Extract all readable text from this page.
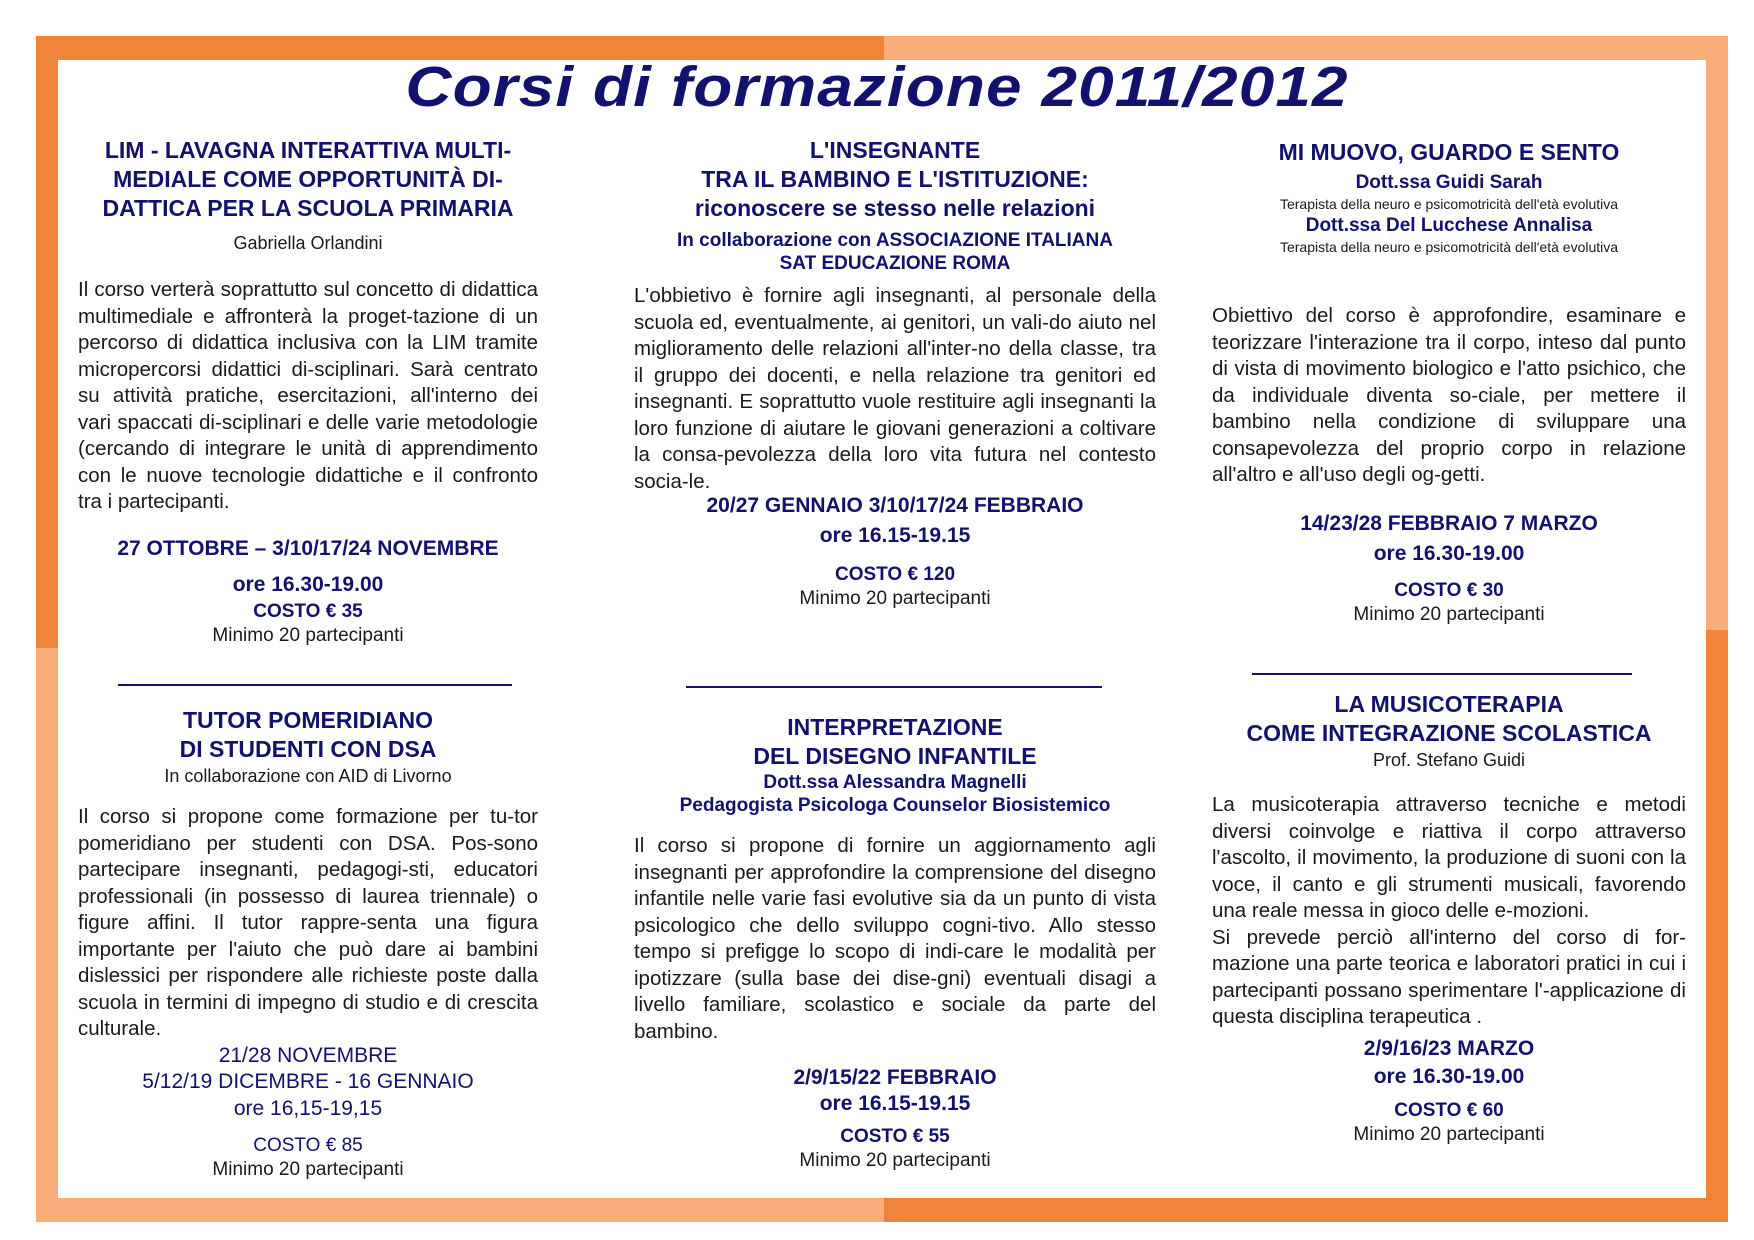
Corsi di formazione 2011/2012
LIM - LAVAGNA INTERATTIVA MULTI-
MEDIALE COME OPPORTUNITÀ DI-
DATTICA PER LA SCUOLA PRIMARIA
Gabriella Orlandini
Il corso verterà soprattutto sul concetto di didattica multimediale e affronterà la proget-tazione di un percorso di didattica inclusiva con la LIM tramite micropercorsi didattici di-sciplinari. Sarà centrato su attività pratiche, esercitazioni, all'interno dei vari spaccati di-sciplinari e delle varie metodologie (cercando di integrare le unità di apprendimento con le nuove tecnologie didattiche e il confronto tra i partecipanti.
27 OTTOBRE – 3/10/17/24 NOVEMBRE
ore 16.30-19.00
COSTO € 35
Minimo 20 partecipanti
TUTOR POMERIDIANO
DI STUDENTI CON DSA
In collaborazione con AID di Livorno
Il corso si propone come formazione per tu-tor pomeridiano per studenti con DSA. Pos-sono partecipare insegnanti, pedagogi-sti, educatori professionali (in possesso di laurea triennale) o figure affini. Il tutor rappre-senta una figura importante per l'aiuto che può dare ai bambini dislessici per rispondere alle richieste poste dalla scuola in termini di impegno di studio e di crescita culturale.
21/28 NOVEMBRE
5/12/19 DICEMBRE - 16 GENNAIO
ore 16,15-19,15
COSTO € 85
Minimo 20 partecipanti
L'INSEGNANTE
TRA IL BAMBINO E L'ISTITUZIONE:
riconoscere se stesso nelle relazioni
In collaborazione con ASSOCIAZIONE ITALIANA
SAT EDUCAZIONE ROMA
L'obbietivo è fornire agli insegnanti, al personale della scuola ed, eventualmente, ai genitori, un vali-do aiuto nel miglioramento delle relazioni all'inter-no della classe, tra il gruppo dei docenti, e nella relazione tra genitori ed insegnanti. E soprattutto vuole restituire agli insegnanti la loro funzione di aiutare le giovani generazioni a coltivare la consa-pevolezza della loro vita futura nel contesto socia-le.
20/27 GENNAIO 3/10/17/24 FEBBRAIO
ore 16.15-19.15
COSTO € 120
Minimo 20 partecipanti
INTERPRETAZIONE
DEL DISEGNO INFANTILE
Dott.ssa Alessandra Magnelli
Pedagogista Psicologa Counselor Biosistemico
Il corso si propone di fornire un aggiornamento agli insegnanti per approfondire la comprensione del disegno infantile nelle varie fasi evolutive sia da un punto di vista psicologico che dello sviluppo cogni-tivo. Allo stesso tempo si prefigge lo scopo di indi-care le modalità per ipotizzare (sulla base dei dise-gni) eventuali disagi a livello familiare, scolastico e sociale da parte del bambino.
2/9/15/22 FEBBRAIO
ore 16.15-19.15
COSTO € 55
Minimo 20 partecipanti
MI MUOVO, GUARDO E SENTO
Dott.ssa Guidi Sarah
Terapista della neuro e psicomotricità dell'età evolutiva
Dott.ssa Del Lucchese Annalisa
Terapista della neuro e psicomotricità dell'età evolutiva
Obiettivo del corso è approfondire, esaminare e teorizzare l'interazione tra il corpo, inteso dal punto di vista di movimento biologico e l'atto psichico, che da individuale diventa so-ciale, per mettere il bambino nella condizione di sviluppare una consapevolezza del proprio corpo in relazione all'altro e all'uso degli og-getti.
14/23/28 FEBBRAIO 7 MARZO
ore 16.30-19.00
COSTO € 30
Minimo 20 partecipanti
LA MUSICOTERAPIA
COME INTEGRAZIONE SCOLASTICA
Prof. Stefano Guidi
La musicoterapia attraverso tecniche e metodi diversi coinvolge e riattiva il corpo attraverso l'ascolto, il movimento, la produzione di suoni con la voce, il canto e gli strumenti musicali, favorendo una reale messa in gioco delle e-mozioni.
Si prevede perciò all'interno del corso di for-mazione una parte teorica e laboratori pratici in cui i partecipanti possano sperimentare l'-applicazione di questa disciplina terapeutica .
2/9/16/23 MARZO
ore 16.30-19.00
COSTO € 60
Minimo 20 partecipanti
